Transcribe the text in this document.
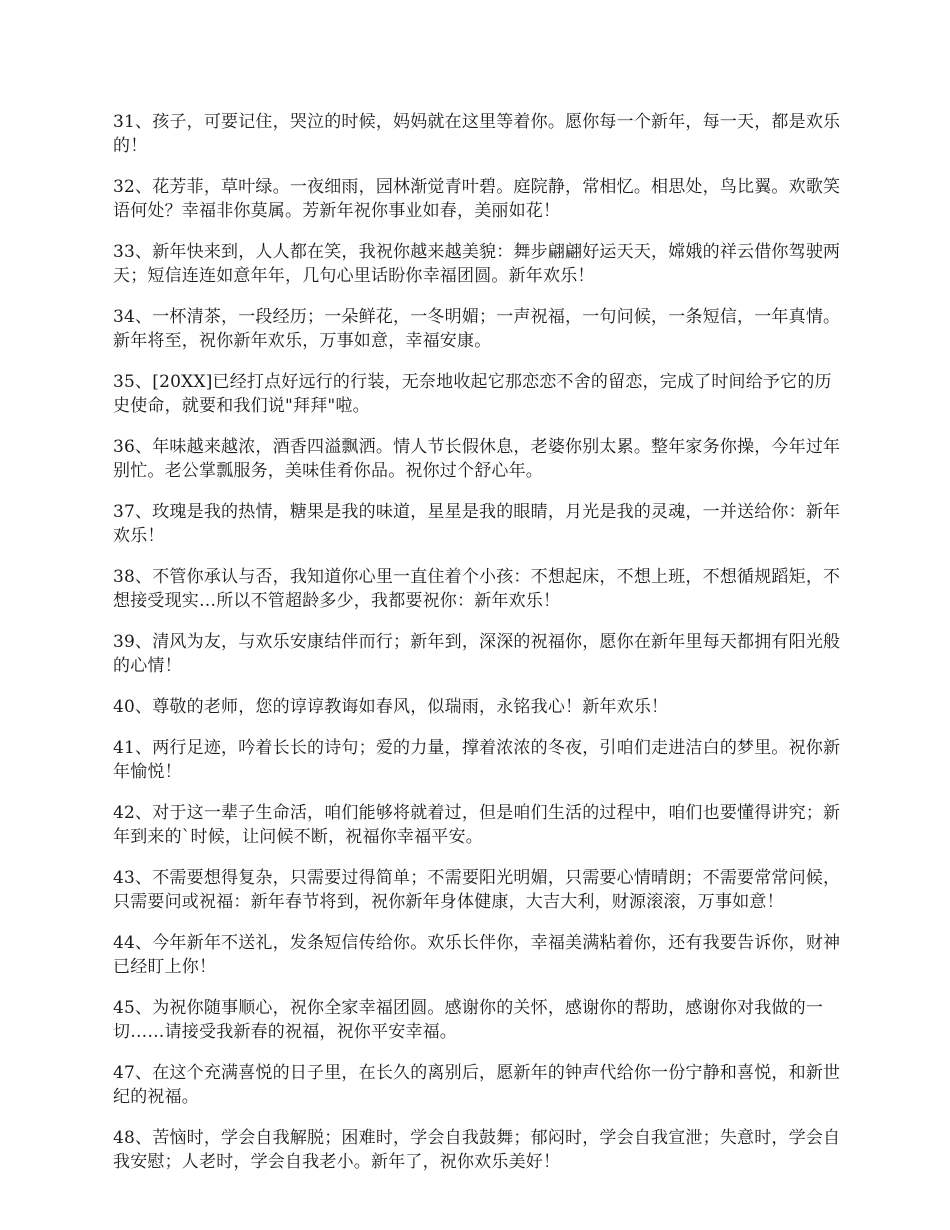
31、孩子，可要记住，哭泣的时候，妈妈就在这里等着你。愿你每一个新年，每一天，都是欢乐的！

32、花芳菲，草叶绿。一夜细雨，园林渐觉青叶碧。庭院静，常相忆。相思处，鸟比翼。欢歌笑语何处？幸福非你莫属。芳新年祝你事业如春，美丽如花！

33、新年快来到，人人都在笑，我祝你越来越美貌：舞步翩翩好运天天，嫦娥的祥云借你驾驶两天；短信连连如意年年，几句心里话盼你幸福团圆。新年欢乐！

34、一杯清茶，一段经历；一朵鲜花，一冬明媚；一声祝福，一句问候，一条短信，一年真情。新年将至，祝你新年欢乐，万事如意，幸福安康。

35、[20XX]已经打点好远行的行装，无奈地收起它那恋恋不舍的留恋，完成了时间给予它的历史使命，就要和我们说"拜拜"啦。

36、年味越来越浓，酒香四溢飘洒。情人节长假休息，老婆你别太累。整年家务你操，今年过年别忙。老公掌瓢服务，美味佳肴你品。祝你过个舒心年。

37、玫瑰是我的热情，糖果是我的味道，星星是我的眼睛，月光是我的灵魂，一并送给你：新年欢乐！

38、不管你承认与否，我知道你心里一直住着个小孩：不想起床，不想上班，不想循规蹈矩，不想接受现实…所以不管超龄多少，我都要祝你：新年欢乐！

39、清风为友，与欢乐安康结伴而行；新年到，深深的祝福你，愿你在新年里每天都拥有阳光般的心情！

40、尊敬的老师，您的谆谆教诲如春风，似瑞雨，永铭我心！新年欢乐！

41、两行足迹，吟着长长的诗句；爱的力量，撑着浓浓的冬夜，引咱们走进洁白的梦里。祝你新年愉悦！

42、对于这一辈子生命活，咱们能够将就着过，但是咱们生活的过程中，咱们也要懂得讲究；新年到来的`时候，让问候不断，祝福你幸福平安。

43、不需要想得复杂，只需要过得简单；不需要阳光明媚，只需要心情晴朗；不需要常常问候，只需要问或祝福：新年春节将到，祝你新年身体健康，大吉大利，财源滚滚，万事如意！

44、今年新年不送礼，发条短信传给你。欢乐长伴你，幸福美满粘着你，还有我要告诉你，财神已经盯上你！

45、为祝你随事顺心，祝你全家幸福团圆。感谢你的关怀，感谢你的帮助，感谢你对我做的一切……请接受我新春的祝福，祝你平安幸福。

47、在这个充满喜悦的日子里，在长久的离别后，愿新年的钟声代给你一份宁静和喜悦，和新世纪的祝福。

48、苦恼时，学会自我解脱；困难时，学会自我鼓舞；郁闷时，学会自我宣泄；失意时，学会自我安慰；人老时，学会自我老小。新年了，祝你欢乐美好！
